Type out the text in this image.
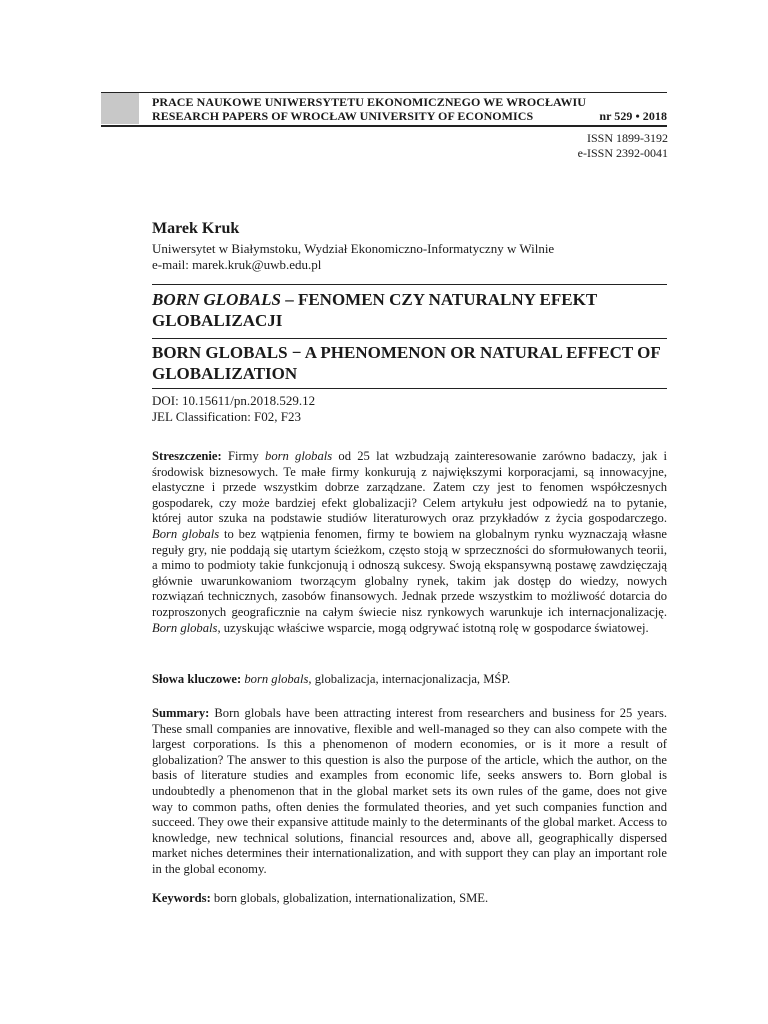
PRACE NAUKOWE UNIWERSYTETU EKONOMICZNEGO WE WROCŁAWIU
RESEARCH PAPERS OF WROCŁAW UNIVERSITY OF ECONOMICS	nr 529 • 2018
ISSN 1899-3192
e-ISSN 2392-0041
Marek Kruk
Uniwersytet w Białymstoku, Wydział Ekonomiczno-Informatyczny w Wilnie
e-mail: marek.kruk@uwb.edu.pl
BORN GLOBALS – FENOMEN CZY NATURALNY EFEKT GLOBALIZACJI
BORN GLOBALS − A PHENOMENON OR NATURAL EFFECT OF GLOBALIZATION
DOI: 10.15611/pn.2018.529.12
JEL Classification: F02, F23
Streszczenie: Firmy born globals od 25 lat wzbudzają zainteresowanie zarówno badaczy, jak i środowisk biznesowych. Te małe firmy konkurują z największymi korporacjami, są innowacyjne, elastyczne i przede wszystkim dobrze zarządzane. Zatem czy jest to fenomen współczesnych gospodarek, czy może bardziej efekt globalizacji? Celem artykułu jest odpowiedź na to pytanie, której autor szuka na podstawie studiów literaturowych oraz przykładów z życia gospodarczego. Born globals to bez wątpienia fenomen, firmy te bowiem na globalnym rynku wyznaczają własne reguły gry, nie poddają się utartym ścieżkom, często stoją w sprzeczności do sformułowanych teorii, a mimo to podmioty takie funkcjonują i odnoszą sukcesy. Swoją ekspansywną postawę zawdzięczają głównie uwarunkowaniom tworzącym globalny rynek, takim jak dostęp do wiedzy, nowych rozwiązań technicznych, zasobów finansowych. Jednak przede wszystkim to możliwość dotarcia do rozproszonych geograficznie na całym świecie nisz rynkowych warunkuje ich internacjonalizację. Born globals, uzyskując właściwe wsparcie, mogą odgrywać istotną rolę w gospodarce światowej.
Słowa kluczowe: born globals, globalizacja, internacjonalizacja, MŚP.
Summary: Born globals have been attracting interest from researchers and business for 25 years. These small companies are innovative, flexible and well-managed so they can also compete with the largest corporations. Is this a phenomenon of modern economies, or is it more a result of globalization? The answer to this question is also the purpose of the article, which the author, on the basis of literature studies and examples from economic life, seeks answers to. Born global is undoubtedly a phenomenon that in the global market sets its own rules of the game, does not give way to common paths, often denies the formulated theories, and yet such companies function and succeed. They owe their expansive attitude mainly to the determinants of the global market. Access to knowledge, new technical solutions, financial resources and, above all, geographically dispersed market niches determines their internationalization, and with support they can play an important role in the global economy.
Keywords: born globals, globalization, internationalization, SME.
